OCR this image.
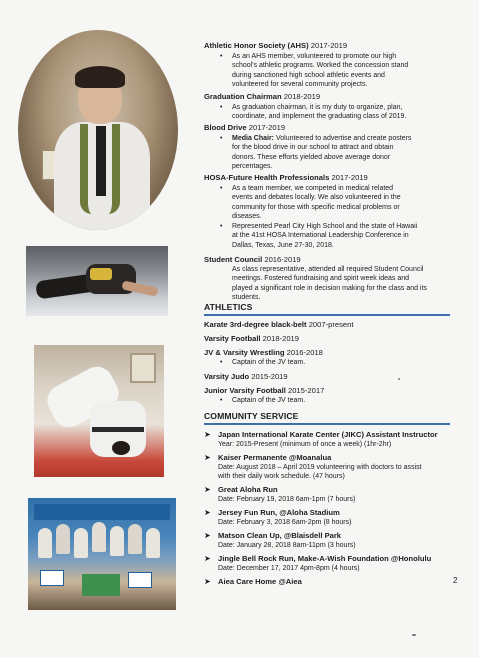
Athletic Honor Society (AHS) 2017-2019
• As an AHS member, volunteered to promote our high
school's athletic programs. Worked the concession stand
during sanctioned high school athletic events and
volunteered for several community projects.
Graduation Chairman 2018-2019
• As graduation chairman, it is my duty to organize, plan,
coordinate, and implement the graduating class of 2019.
Blood Drive 2017-2019
• Media Chair: Volunteered to advertise and create posters
for the blood drive in our school to attract and obtain
donors. These efforts yielded above average donor
percentages.
HOSA-Future Health Professionals 2017-2019
• As a team member, we competed in medical related
events and debates locally. We also volunteered in the
community for those with specific medical problems or
diseases.
• Represented Pearl City High School and the state of Hawaii
at the 41st HOSA International Leadership Conference in
Dallas, Texas, June 27-30, 2018.
Student Council 2016-2019
As class representative, attended all required Student Council
meetings. Fostered fundraising and spirit week ideas and
played a significant role in decision making for the class and its
students.
ATHLETICS
Karate 3rd-degree black-belt 2007-present
Varsity Football 2018-2019
JV & Varsity Wrestling 2016-2018
• Captain of the JV team.
Varsity Judo 2015-2019
Junior Varsity Football 2015-2017
• Captain of the JV team.
COMMUNITY SERVICE
➤ Japan International Karate Center (JIKC) Assistant Instructor
Year: 2015-Present (minimum of once a week) (1hr-2hr)
➤ Kaiser Permanente @Moanalua
Date: August 2018 – April 2019 volunteering with doctors to assist
with their daily work schedule. (47 hours)
➤ Great Aloha Run
Date: February 19, 2018 6am-1pm (7 hours)
➤ Jersey Fun Run, @Aloha Stadium
Date: February 3, 2018 6am-2pm (8 hours)
➤ Matson Clean Up, @Blaisdell Park
Date: January 28, 2018 8am-11pm (3 hours)
➤ Jingle Bell Rock Run, Make-A-Wish Foundation @Honolulu
Date: December 17, 2017 4pm-8pm (4 hours)
➤ Aiea Care Home @Aiea	2
